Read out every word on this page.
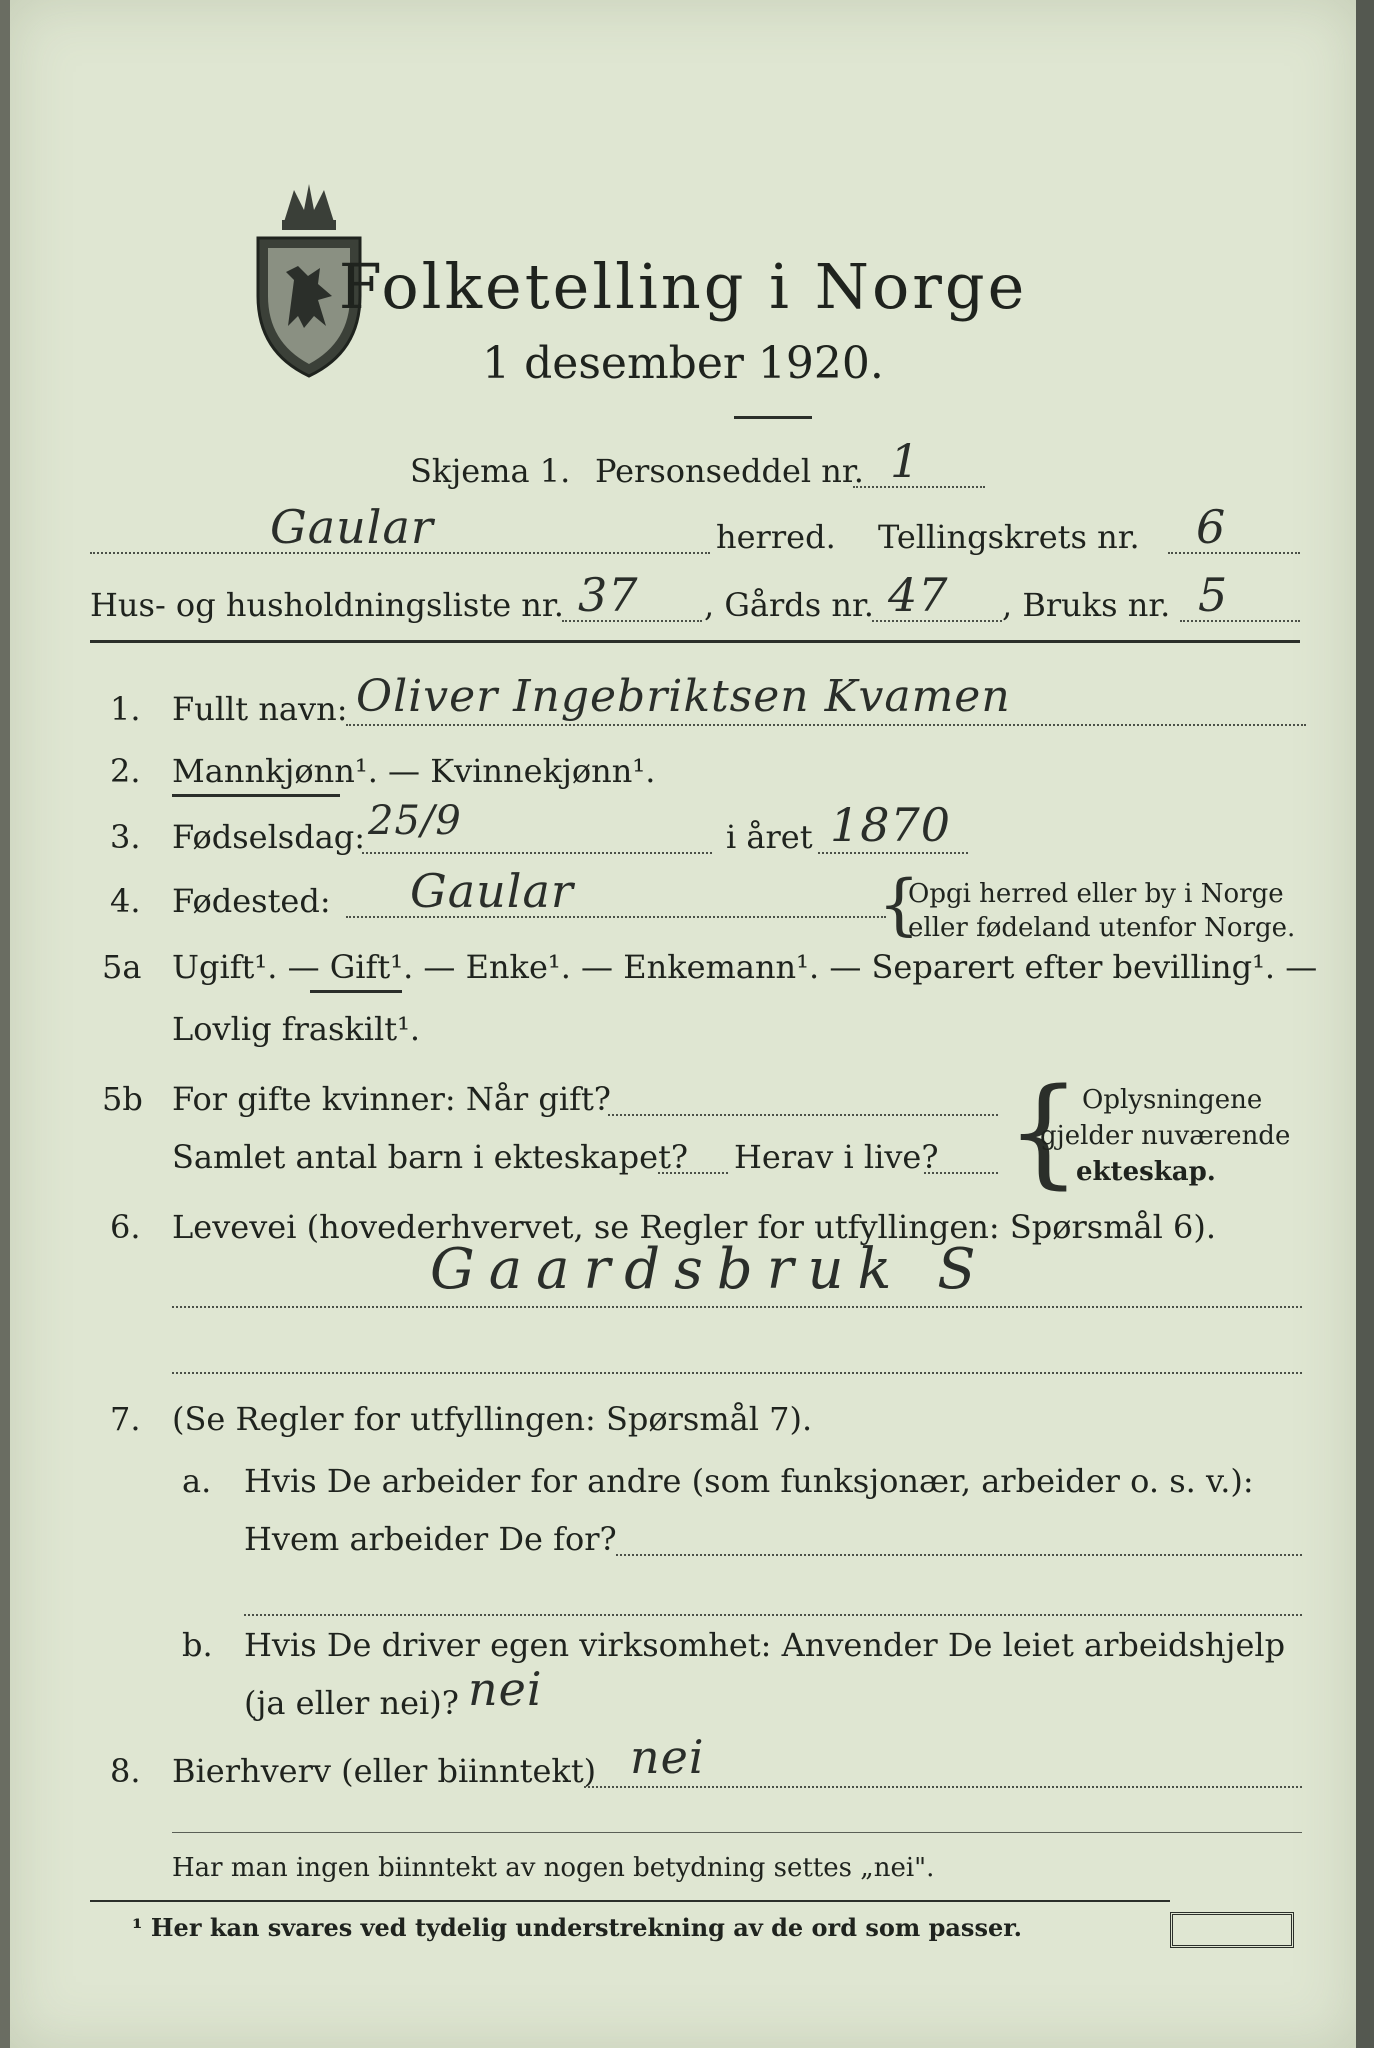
Folketelling i Norge
1 desember 1920.
Skjema 1. Personseddel nr. 1
Gaular	herred. Tellingskrets nr. 6
Hus- og husholdningsliste nr. 37 , Gårds nr. 47 , Bruks nr. 5
1. Fullt navn: Oliver Ingebriktsen Kvamen
2. Mannkjønn¹. — Kvinnekjønn¹.
3. Fødselsdag: 25/9	i året 1870
4. Fødested: Gaular	{
Opgi herred eller by i Norge
eller fødeland utenfor Norge.
5a Ugift¹. — Gift¹. — Enke¹. — Enkemann¹. — Separert efter bevilling¹. —
Lovlig fraskilt¹.
5b For gifte kvinner: Når gift?
Samlet antal barn i ekteskapet? Herav i live? { Oplysningene
gjelder nuværende
ekteskap.
6. Levevei (hovederhvervet, se Regler for utfyllingen: Spørsmål 6).
Gaardsbruk S
7. (Se Regler for utfyllingen: Spørsmål 7).
a. Hvis De arbeider for andre (som funksjonær, arbeider o. s. v.):
Hvem arbeider De for?
b. Hvis De driver egen virksomhet: Anvender De leiet arbeidshjelp
(ja eller nei)? nei
8. Bierhverv (eller biinntekt) nei
Har man ingen biinntekt av nogen betydning settes „nei".
¹ Her kan svares ved tydelig understrekning av de ord som passer.
